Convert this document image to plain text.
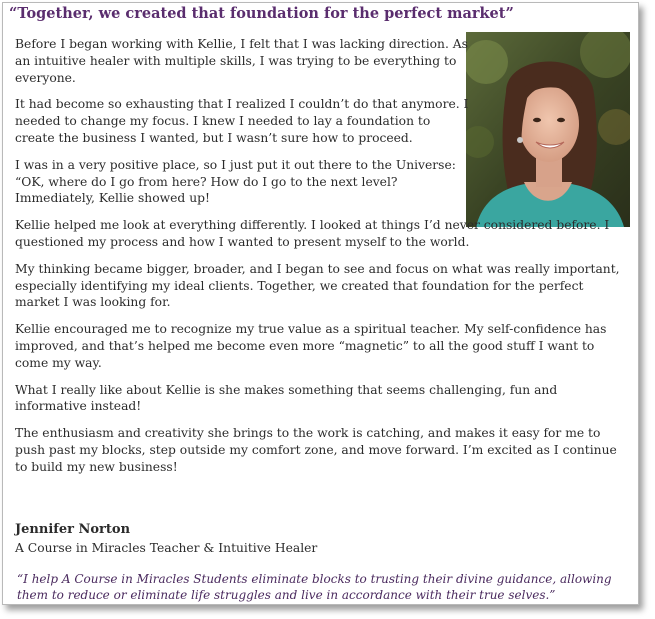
“Together, we created that foundation for the perfect market”

Before I began working with Kellie, I felt that I was lacking direction. As an intuitive healer with multiple skills, I was trying to be everything to everyone.

It had become so exhausting that I realized I couldn’t do that anymore. I needed to change my focus. I knew I needed to lay a foundation to create the business I wanted, but I wasn’t sure how to proceed.

I was in a very positive place, so I just put it out there to the Universe: “OK, where do I go from here? How do I go to the next level? Immediately, Kellie showed up!

Kellie helped me look at everything differently. I looked at things I’d never considered before. I questioned my process and how I wanted to present myself to the world.

My thinking became bigger, broader, and I began to see and focus on what was really important, especially identifying my ideal clients. Together, we created that foundation for the perfect market I was looking for.

Kellie encouraged me to recognize my true value as a spiritual teacher. My self-confidence has improved, and that’s helped me become even more “magnetic” to all the good stuff I want to come my way.

What I really like about Kellie is she makes something that seems challenging, fun and informative instead!

The enthusiasm and creativity she brings to the work is catching, and makes it easy for me to push past my blocks, step outside my comfort zone, and move forward. I’m excited as I continue to build my new business!

Jennifer Norton

A Course in Miracles Teacher & Intuitive Healer

“I help A Course in Miracles Students eliminate blocks to trusting their divine guidance, allowing them to reduce or eliminate life struggles and live in accordance with their true selves.”
